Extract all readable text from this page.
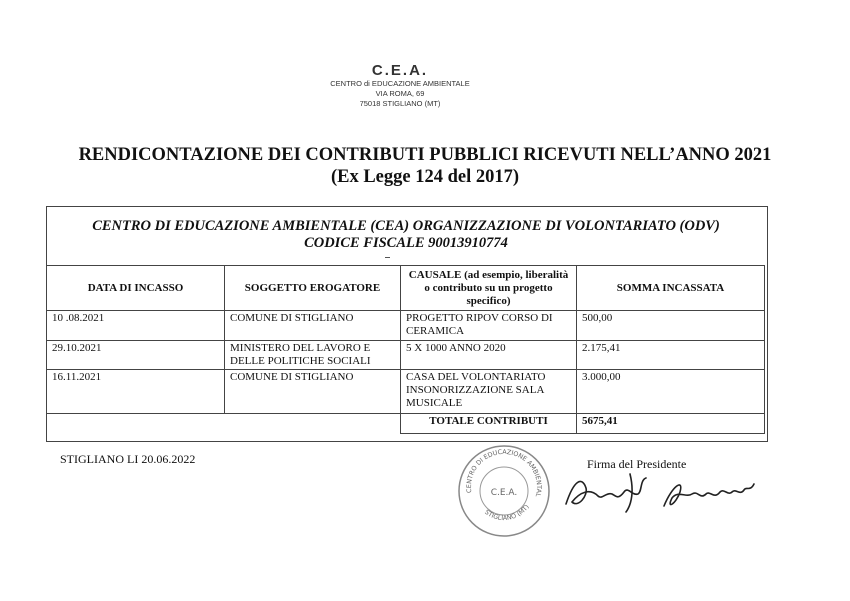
C.E.A.
CENTRO di EDUCAZIONE AMBIENTALE
VIA ROMA, 69
75018 STIGLIANO (MT)
RENDICONTAZIONE DEI CONTRIBUTI PUBBLICI RICEVUTI NELL’ANNO 2021
(Ex Legge 124 del 2017)
CENTRO DI EDUCAZIONE AMBIENTALE (CEA) ORGANIZZAZIONE DI VOLONTARIATO (ODV)
CODICE FISCALE 90013910774
DATA DI INCASSO	SOGGETTO EROGATORE	CAUSALE (ad esempio, liberalità o contributo su un progetto specifico)	SOMMA INCASSATA
10 .08.2021	COMUNE DI STIGLIANO	PROGETTO RIPOV CORSO DI CERAMICA	500,00
29.10.2021	MINISTERO DEL LAVORO E DELLE POLITICHE SOCIALI	5 X 1000 ANNO 2020	2.175,41
16.11.2021	COMUNE DI STIGLIANO	CASA DEL VOLONTARIATO INSONORIZZAZIONE SALA MUSICALE	3.000,00
		TOTALE CONTRIBUTI	5675,41
STIGLIANO LI 20.06.2022
CENTRO DI EDUCAZIONE AMBIENTAL
C.E.A.
STIGLIANO (MT)
Firma del Presidente
